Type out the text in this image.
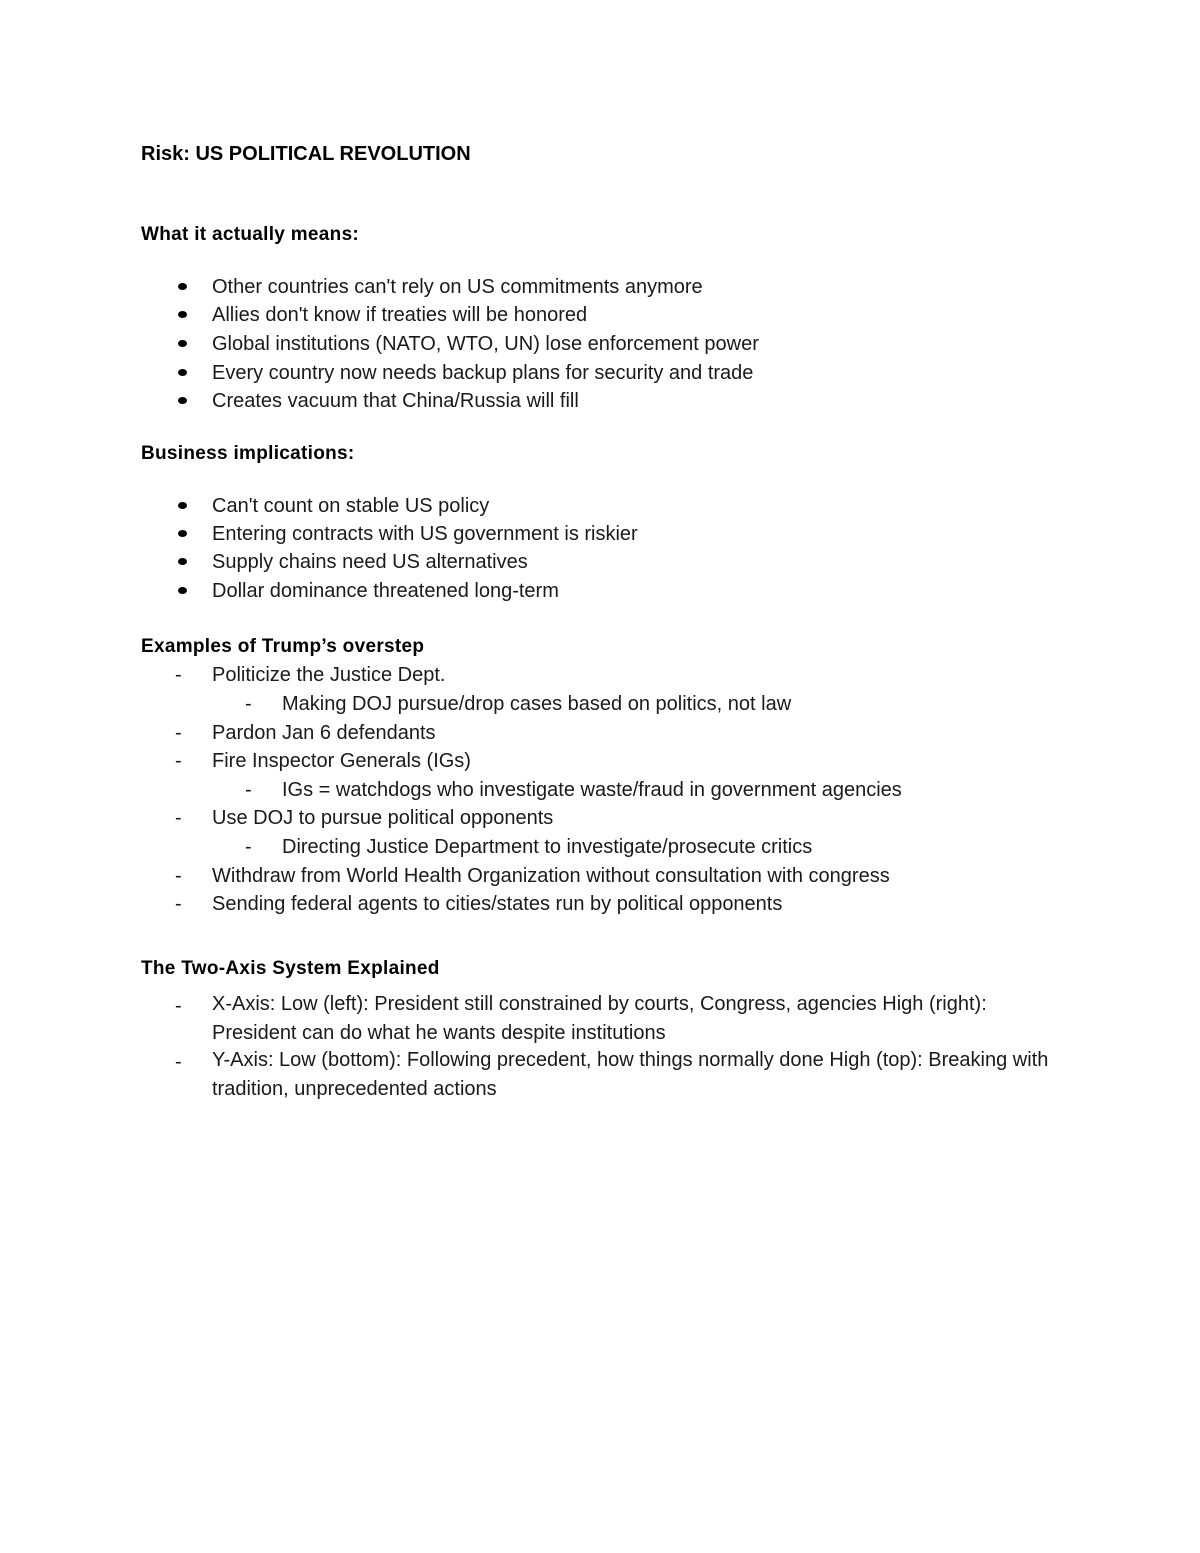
Risk: US POLITICAL REVOLUTION
What it actually means:
Other countries can't rely on US commitments anymore
Allies don't know if treaties will be honored
Global institutions (NATO, WTO, UN) lose enforcement power
Every country now needs backup plans for security and trade
Creates vacuum that China/Russia will fill
Business implications:
Can't count on stable US policy
Entering contracts with US government is riskier
Supply chains need US alternatives
Dollar dominance threatened long-term
Examples of Trump’s overstep
- Politicize the Justice Dept.
- Making DOJ pursue/drop cases based on politics, not law
- Pardon Jan 6 defendants
- Fire Inspector Generals (IGs)
- IGs = watchdogs who investigate waste/fraud in government agencies
- Use DOJ to pursue political opponents
- Directing Justice Department to investigate/prosecute critics
- Withdraw from World Health Organization without consultation with congress
- Sending federal agents to cities/states run by political opponents
The Two-Axis System Explained
- X-Axis: Low (left): President still constrained by courts, Congress, agencies High (right): President can do what he wants despite institutions
- Y-Axis: Low (bottom): Following precedent, how things normally done High (top): Breaking with tradition, unprecedented actions
